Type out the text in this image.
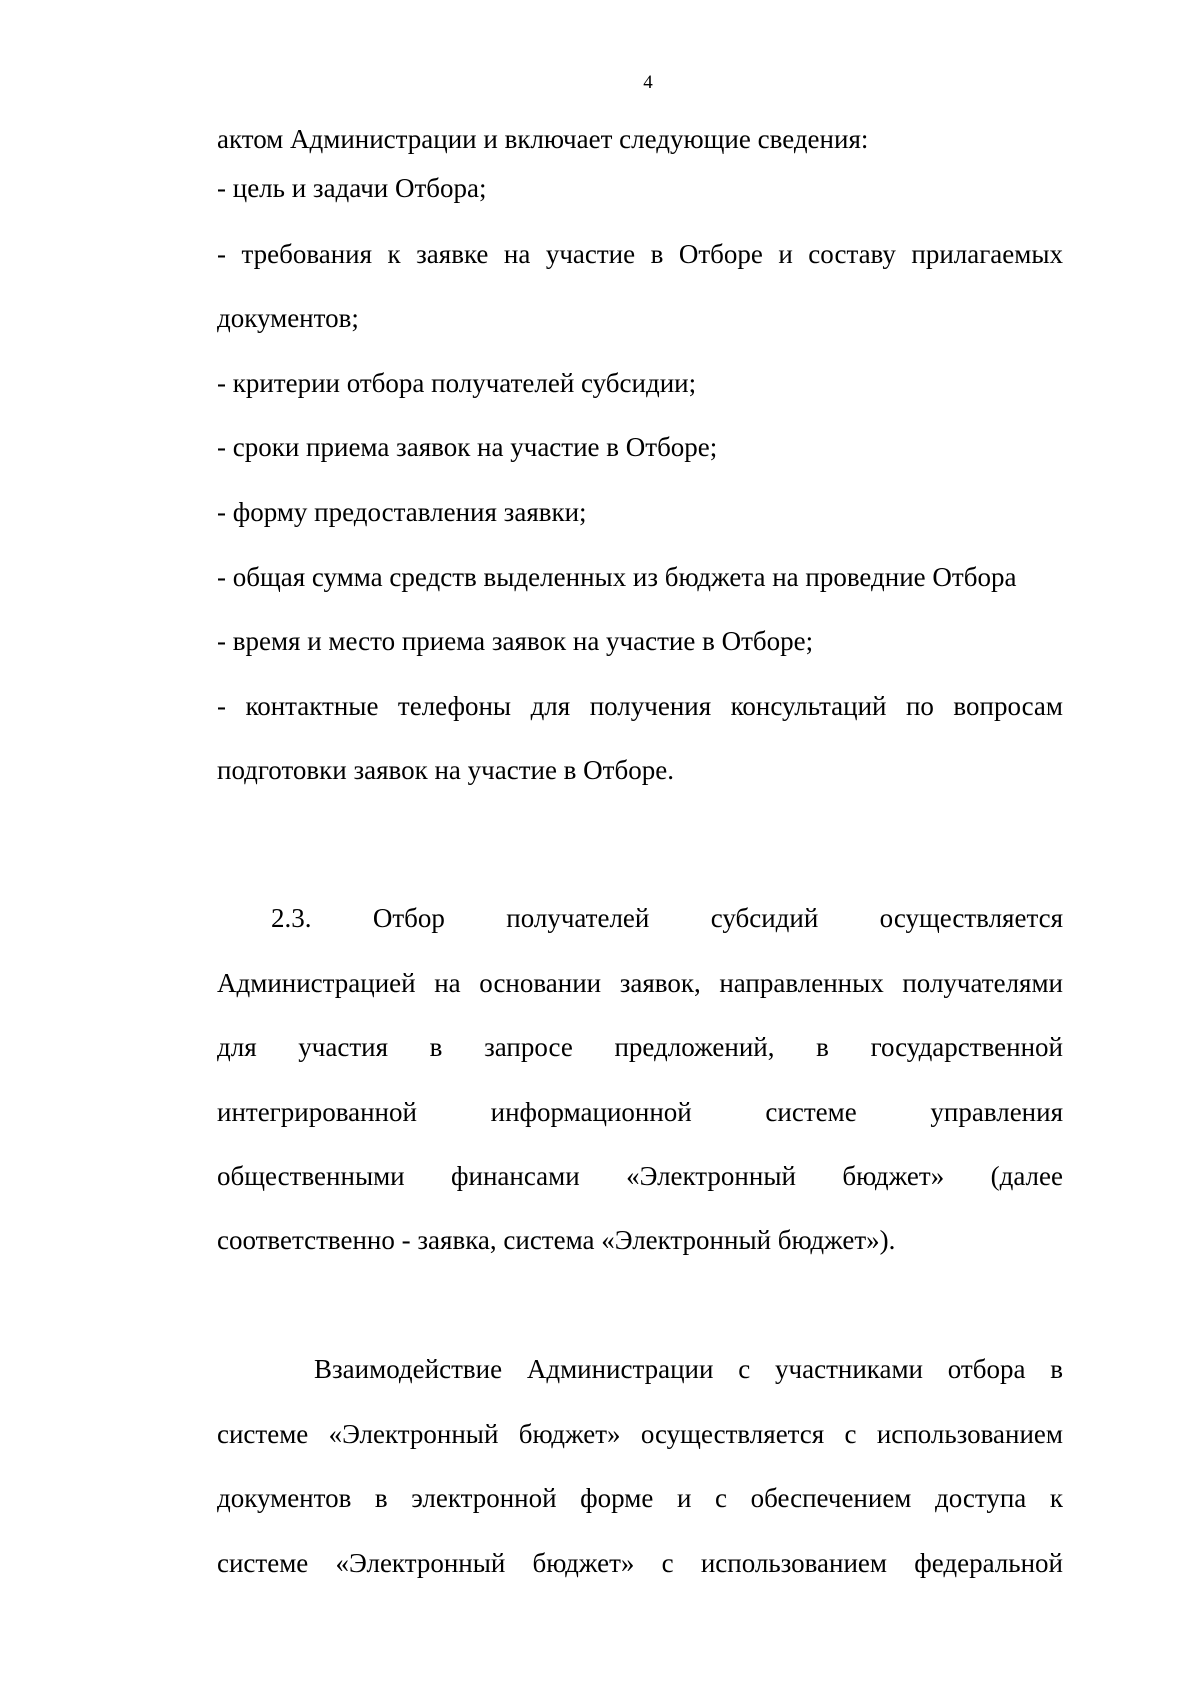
4
актом Администрации и включает следующие сведения:
- цель и задачи Отбора;
- требования к заявке на участие в Отборе и составу прилагаемых
документов;
- критерии отбора получателей субсидии;
- сроки приема заявок на участие в Отборе;
- форму предоставления заявки;
- общая сумма средств выделенных из бюджета на проведние Отбора
- время и место приема заявок на участие в Отборе;
- контактные телефоны для получения консультаций по вопросам
подготовки заявок на участие в Отборе.
2.3. Отбор получателей субсидий осуществляется
Администрацией на основании заявок, направленных получателями
для участия в запросе предложений, в государственной
интегрированной информационной системе управления
общественными финансами «Электронный бюджет» (далее
соответственно - заявка, система «Электронный бюджет»).
Взаимодействие Администрации с участниками отбора в
системе «Электронный бюджет» осуществляется с использованием
документов в электронной форме и с обеспечением доступа к
системе «Электронный бюджет» с использованием федеральной
